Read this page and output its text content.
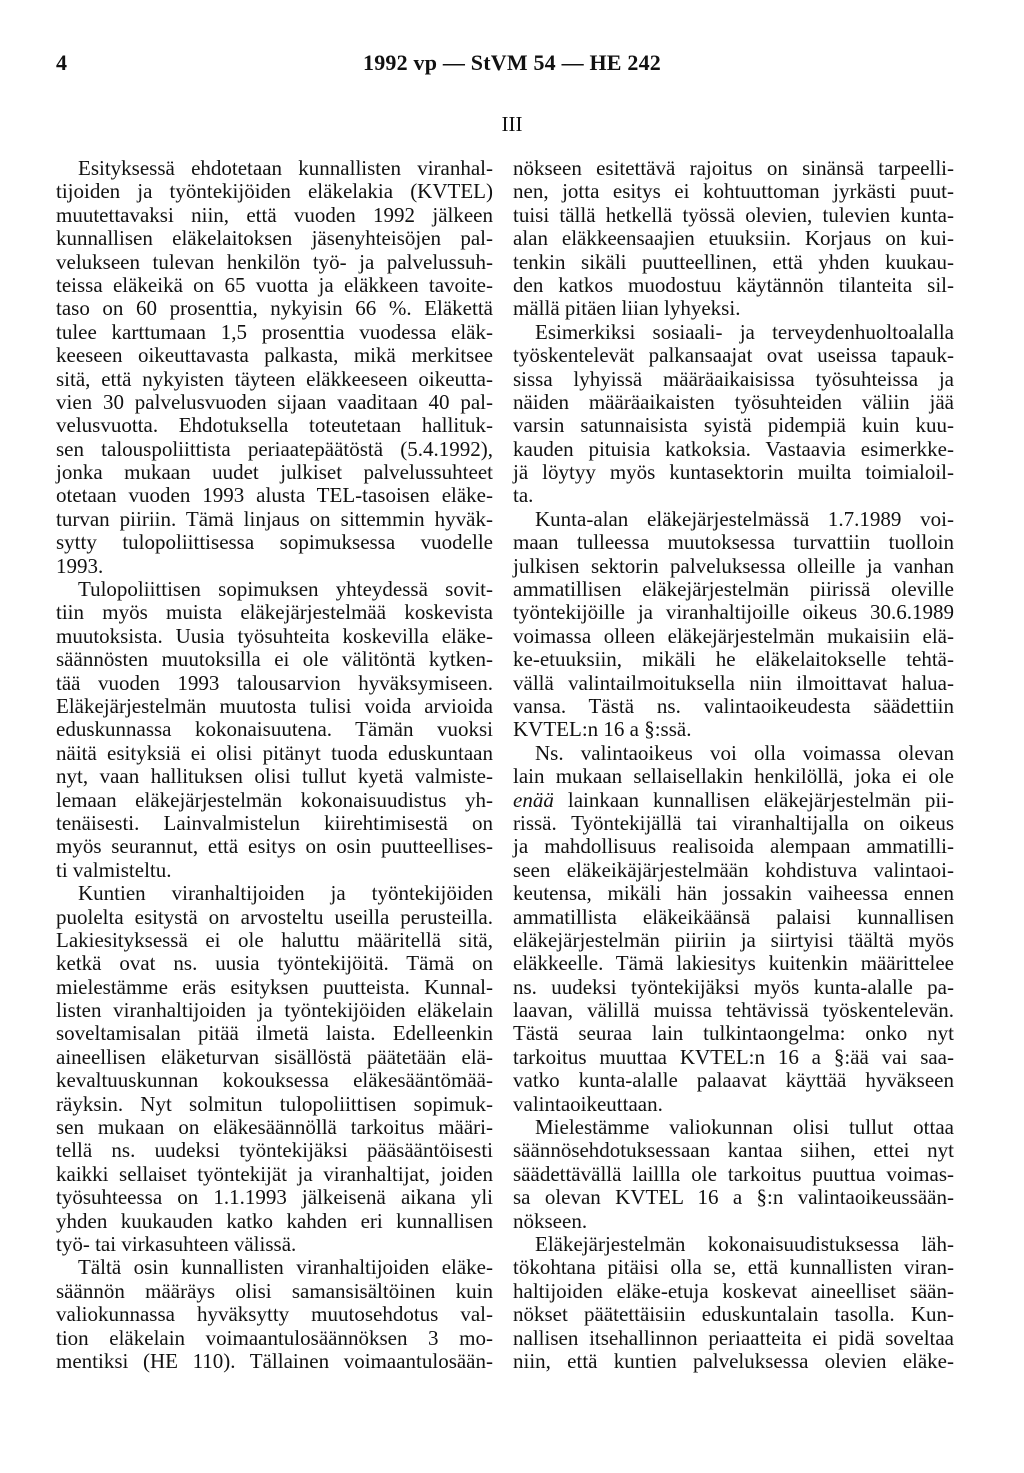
4	1992 vp — StVM 54 — HE 242
III
Esityksessä ehdotetaan kunnallisten viranhal-
tijoiden ja työntekijöiden eläkelakia (KVTEL)
muutettavaksi niin, että vuoden 1992 jälkeen
kunnallisen eläkelaitoksen jäsenyhteisöjen pal-
velukseen tulevan henkilön työ- ja palvelussuh-
teissa eläkeikä on 65 vuotta ja eläkkeen tavoite-
taso on 60 prosenttia, nykyisin 66 %. Eläkettä
tulee karttumaan 1,5 prosenttia vuodessa eläk-
keeseen oikeuttavasta palkasta, mikä merkitsee
sitä, että nykyisten täyteen eläkkeeseen oikeutta-
vien 30 palvelusvuoden sijaan vaaditaan 40 pal-
velusvuotta. Ehdotuksella toteutetaan hallituk-
sen talouspoliittista periaatepäätöstä (5.4.1992),
jonka mukaan uudet julkiset palvelussuhteet
otetaan vuoden 1993 alusta TEL-tasoisen eläke-
turvan piiriin. Tämä linjaus on sittemmin hyväk-
sytty tulopoliittisessa sopimuksessa vuodelle
1993.
Tulopoliittisen sopimuksen yhteydessä sovit-
tiin myös muista eläkejärjestelmää koskevista
muutoksista. Uusia työsuhteita koskevilla eläke-
säännösten muutoksilla ei ole välitöntä kytken-
tää vuoden 1993 talousarvion hyväksymiseen.
Eläkejärjestelmän muutosta tulisi voida arvioida
eduskunnassa kokonaisuutena. Tämän vuoksi
näitä esityksiä ei olisi pitänyt tuoda eduskuntaan
nyt, vaan hallituksen olisi tullut kyetä valmiste-
lemaan eläkejärjestelmän kokonaisuudistus yh-
tenäisesti. Lainvalmistelun kiirehtimisestä on
myös seurannut, että esitys on osin puutteellises-
ti valmisteltu.
Kuntien viranhaltijoiden ja työntekijöiden
puolelta esitystä on arvosteltu useilla perusteilla.
Lakiesityksessä ei ole haluttu määritellä sitä,
ketkä ovat ns. uusia työntekijöitä. Tämä on
mielestämme eräs esityksen puutteista. Kunnal-
listen viranhaltijoiden ja työntekijöiden eläkelain
soveltamisalan pitää ilmetä laista. Edelleenkin
aineellisen eläketurvan sisällöstä päätetään elä-
kevaltuuskunnan kokouksessa eläkesääntömää-
räyksin. Nyt solmitun tulopoliittisen sopimuk-
sen mukaan on eläkesäännöllä tarkoitus määri-
tellä ns. uudeksi työntekijäksi pääsääntöisesti
kaikki sellaiset työntekijät ja viranhaltijat, joiden
työsuhteessa on 1.1.1993 jälkeisenä aikana yli
yhden kuukauden katko kahden eri kunnallisen
työ- tai virkasuhteen välissä.
Tältä osin kunnallisten viranhaltijoiden eläke-
säännön määräys olisi samansisältöinen kuin
valiokunnassa hyväksytty muutosehdotus val-
tion eläkelain voimaantulosäännöksen 3 mo-
mentiksi (HE 110). Tällainen voimaantulosään-
nökseen esitettävä rajoitus on sinänsä tarpeelli-
nen, jotta esitys ei kohtuuttoman jyrkästi puut-
tuisi tällä hetkellä työssä olevien, tulevien kunta-
alan eläkkeensaajien etuuksiin. Korjaus on kui-
tenkin sikäli puutteellinen, että yhden kuukau-
den katkos muodostuu käytännön tilanteita sil-
mällä pitäen liian lyhyeksi.
Esimerkiksi sosiaali- ja terveydenhuoltoalalla
työskentelevät palkansaajat ovat useissa tapauk-
sissa lyhyissä määräaikaisissa työsuhteissa ja
näiden määräaikaisten työsuhteiden väliin jää
varsin satunnaisista syistä pidempiä kuin kuu-
kauden pituisia katkoksia. Vastaavia esimerkke-
jä löytyy myös kuntasektorin muilta toimialoil-
ta.
Kunta-alan eläkejärjestelmässä 1.7.1989 voi-
maan tulleessa muutoksessa turvattiin tuolloin
julkisen sektorin palveluksessa olleille ja vanhan
ammatillisen eläkejärjestelmän piirissä oleville
työntekijöille ja viranhaltijoille oikeus 30.6.1989
voimassa olleen eläkejärjestelmän mukaisiin elä-
ke-etuuksiin, mikäli he eläkelaitokselle tehtä-
vällä valintailmoituksella niin ilmoittavat halua-
vansa. Tästä ns. valintaoikeudesta säädettiin
KVTEL:n 16 a §:ssä.
Ns. valintaoikeus voi olla voimassa olevan
lain mukaan sellaisellakin henkilöllä, joka ei ole
enää lainkaan kunnallisen eläkejärjestelmän pii-
rissä. Työntekijällä tai viranhaltijalla on oikeus
ja mahdollisuus realisoida alempaan ammatilli-
seen eläkeikäjärjestelmään kohdistuva valintaoi-
keutensa, mikäli hän jossakin vaiheessa ennen
ammatillista eläkeikäänsä palaisi kunnallisen
eläkejärjestelmän piiriin ja siirtyisi täältä myös
eläkkeelle. Tämä lakiesitys kuitenkin määrittelee
ns. uudeksi työntekijäksi myös kunta-alalle pa-
laavan, välillä muissa tehtävissä työskentelevän.
Tästä seuraa lain tulkintaongelma: onko nyt
tarkoitus muuttaa KVTEL:n 16 a §:ää vai saa-
vatko kunta-alalle palaavat käyttää hyväkseen
valintaoikeuttaan.
Mielestämme valiokunnan olisi tullut ottaa
säännösehdotuksessaan kantaa siihen, ettei nyt
säädettävällä laillla ole tarkoitus puuttua voimas-
sa olevan KVTEL 16 a §:n valintaoikeussään-
nökseen.
Eläkejärjestelmän kokonaisuudistuksessa läh-
tökohtana pitäisi olla se, että kunnallisten viran-
haltijoiden eläke-etuja koskevat aineelliset sään-
nökset päätettäisiin eduskuntalain tasolla. Kun-
nallisen itsehallinnon periaatteita ei pidä soveltaa
niin, että kuntien palveluksessa olevien eläke-
